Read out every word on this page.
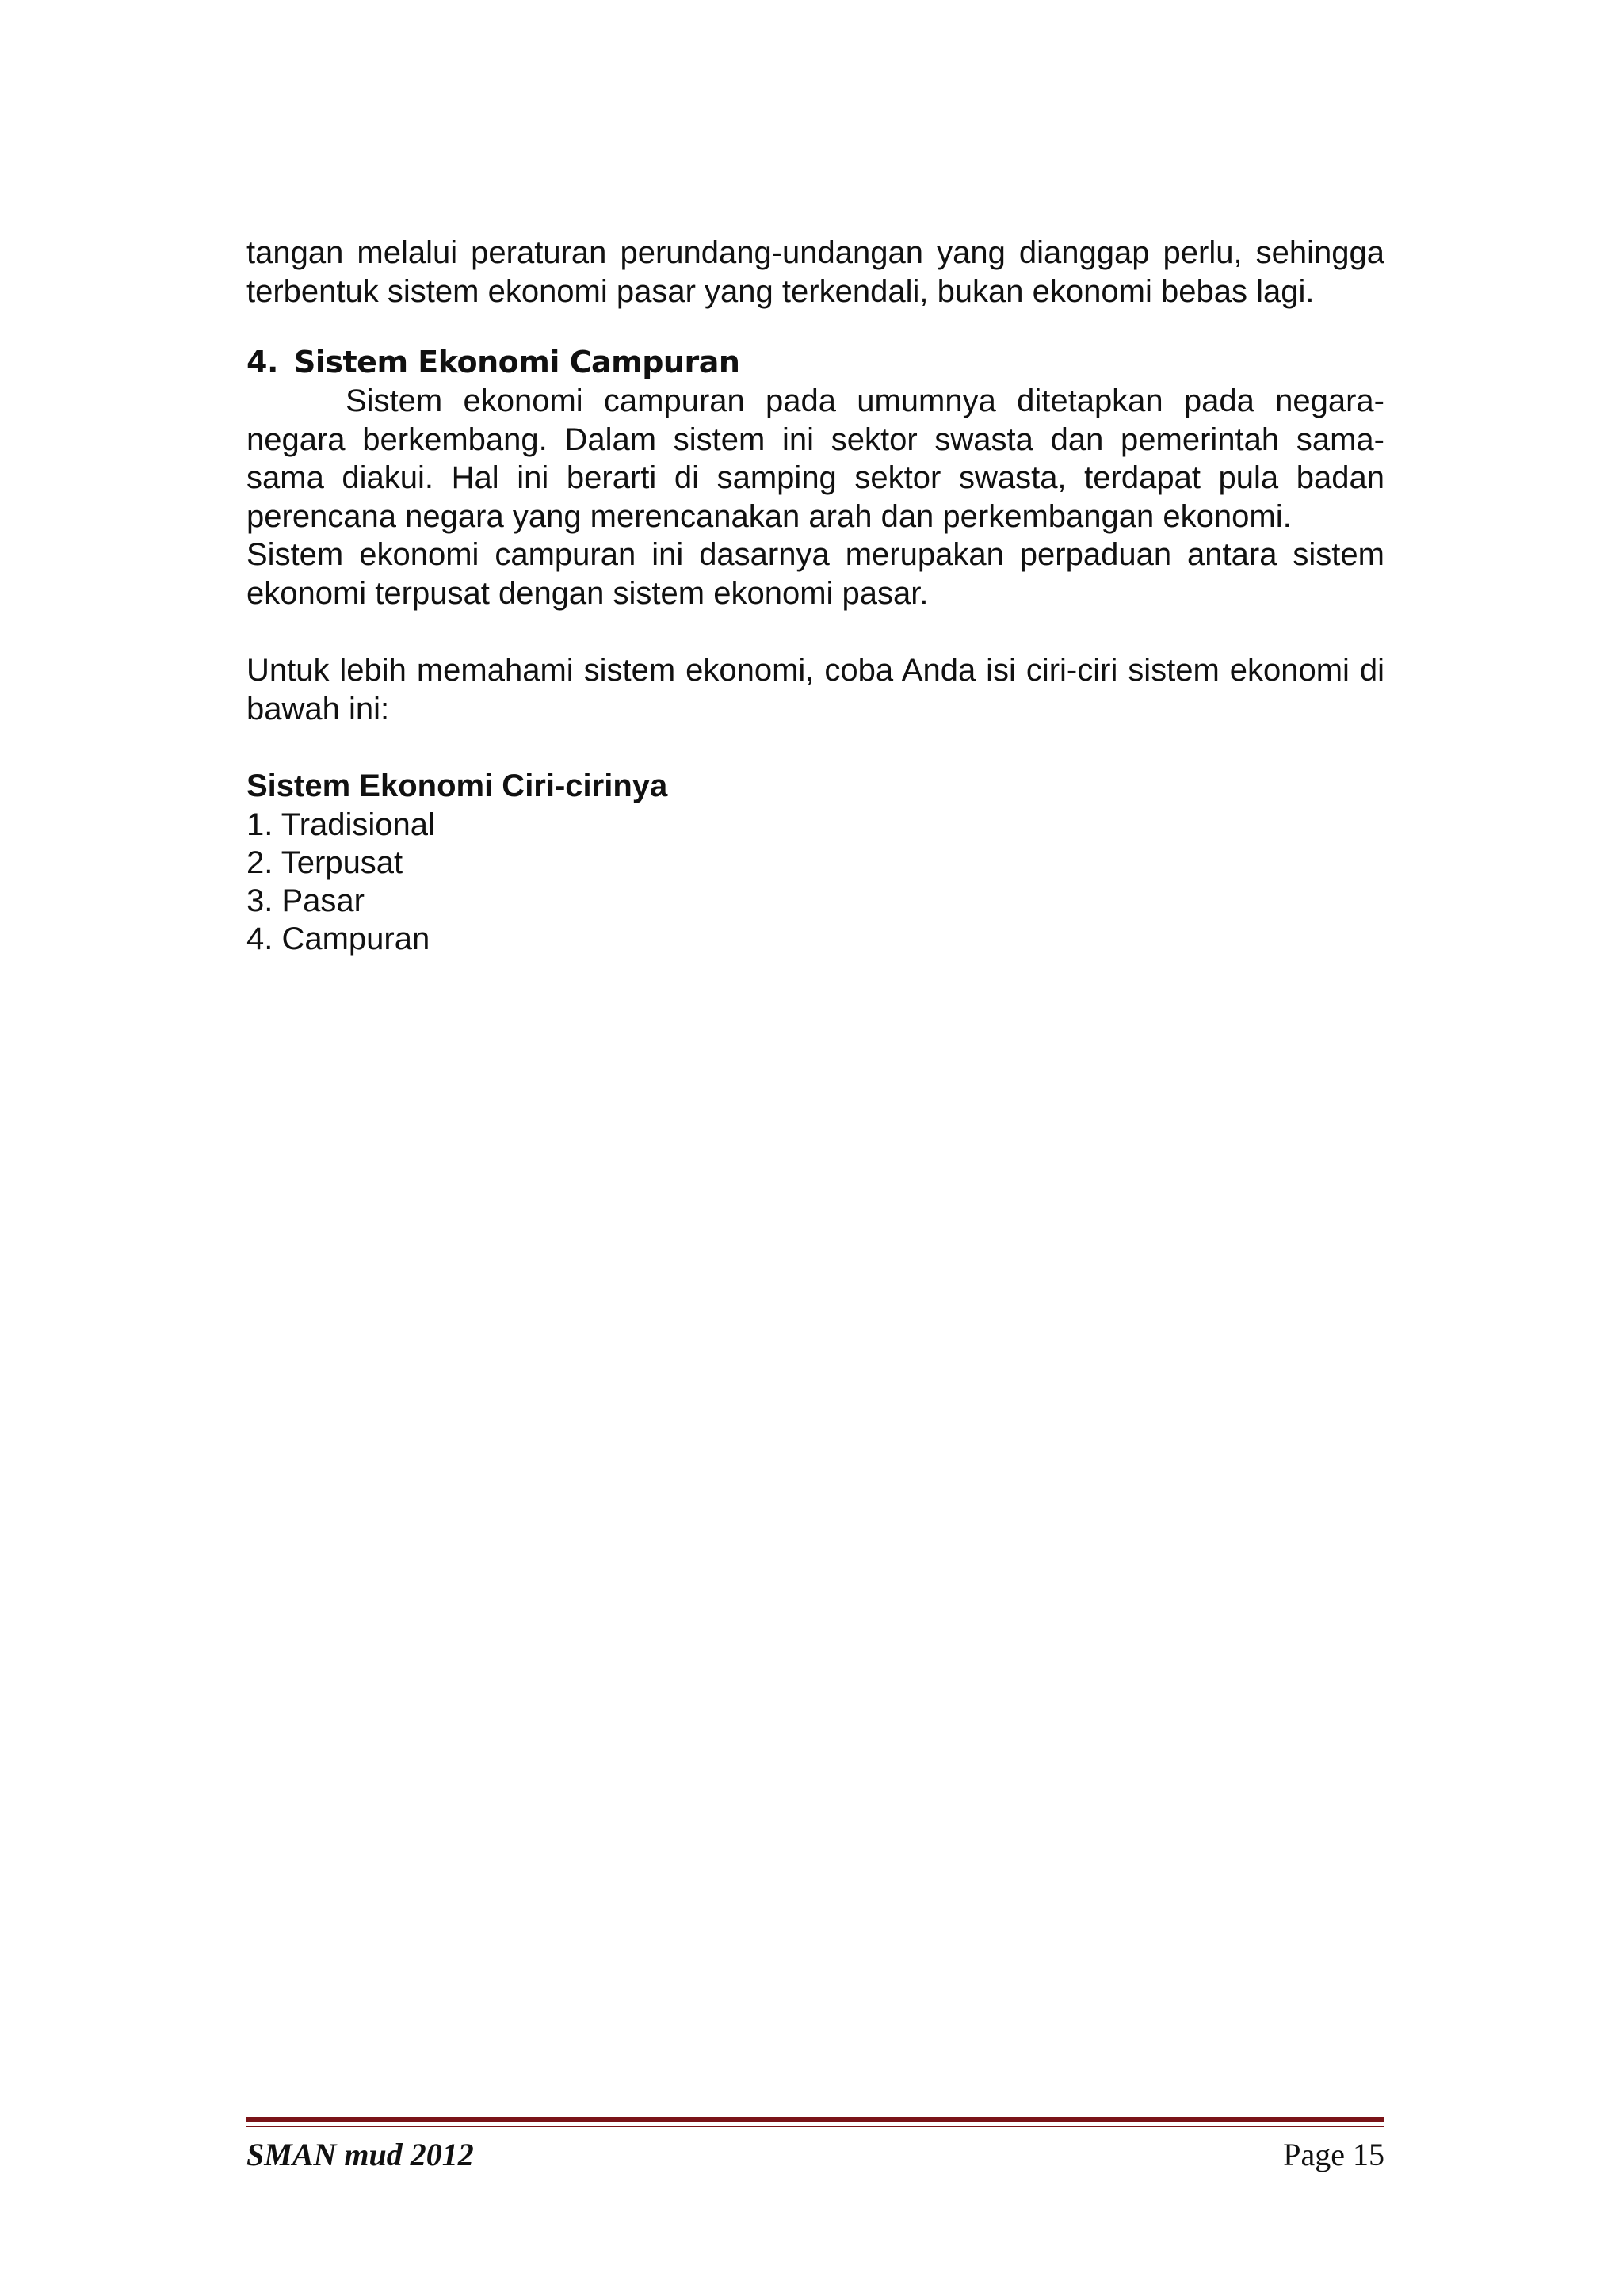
tangan melalui peraturan perundang-undangan yang dianggap perlu, sehingga terbentuk sistem ekonomi pasar yang terkendali, bukan ekonomi bebas lagi.

4. Sistem Ekonomi Campuran

Sistem ekonomi campuran pada umumnya ditetapkan pada negara-negara berkembang. Dalam sistem ini sektor swasta dan pemerintah sama-sama diakui. Hal ini berarti di samping sektor swasta, terdapat pula badan perencana negara yang merencanakan arah dan perkembangan ekonomi.

Sistem ekonomi campuran ini dasarnya merupakan perpaduan antara sistem ekonomi terpusat dengan sistem ekonomi pasar.

Untuk lebih memahami sistem ekonomi, coba Anda isi ciri-ciri sistem ekonomi di bawah ini:

Sistem Ekonomi Ciri-cirinya

1. Tradisional

2. Terpusat

3. Pasar

4. Campuran

SMAN mud 2012	Page 15
